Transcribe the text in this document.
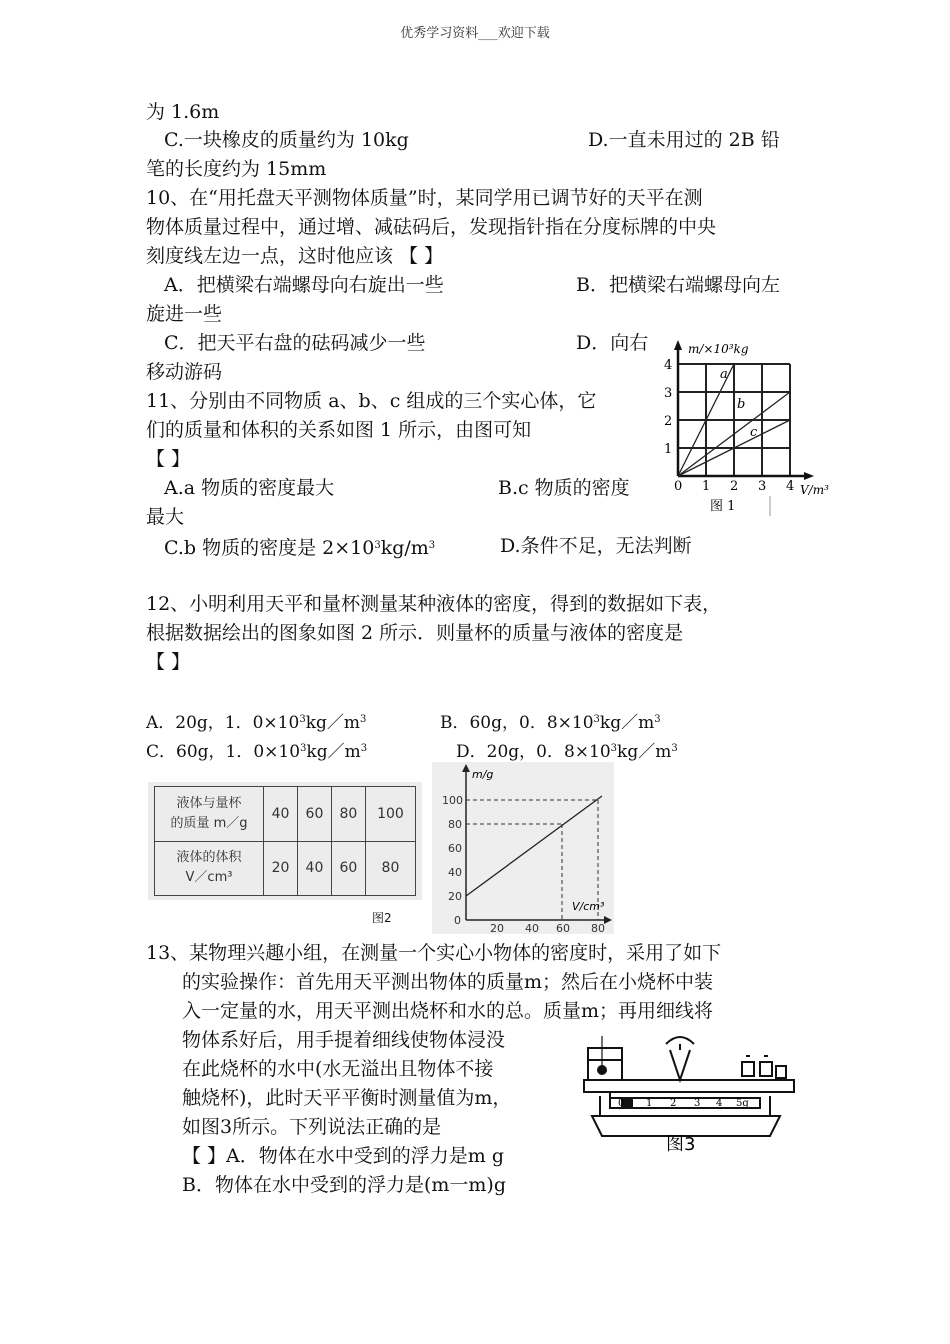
优秀学习资料___欢迎下载
为 1.6m
C.一块橡皮的质量约为 10kg	D.一直未用过的 2B 铅
笔的长度约为 15mm
10、在“用托盘天平测物体质量”时，某同学用已调节好的天平在测
物体质量过程中，通过增、减砝码后，发现指针指在分度标牌的中央
刻度线左边一点，这时他应该 【 】
A．把横梁右端螺母向右旋出一些	B．把横梁右端螺母向左
旋进一些
C．把天平右盘的砝码减少一些	D．向右
移动游码
11、分别由不同物质 a、b、c 组成的三个实心体，它
们的质量和体积的关系如图 1 所示，由图可知
【 】
A.a 物质的密度最大	B.c 物质的密度
最大
C.b 物质的密度是 $2\times 10^3kg/m^3$	D.条件不足，无法判断
m/×10³kg
4
3
2
1
0 1 2 3 4
a
b
c
V/m³
图 1
12、小明利用天平和量杯测量某种液体的密度，得到的数据如下表，
根据数据绘出的图象如图 2 所示．则量杯的质量与液体的密度是
【 】
A．20g，1．$0\times 10^3kg/m^3$	B．60g，0．$8\times 10^3kg/m^3$
C．60g，1．$0\times 10^3kg/m^3$	D．20g，0．$8\times 10^3kg/m^3$
液体与量杯
的质量 m／g	40	60	80	100
液体的体积
V／cm³	20	40	60	80
图2
m/g
100
80
60
40
20
0
20 40 60 80
V/cm³
13、某物理兴趣小组，在测量一个实心小物体的密度时，采用了如下
的实验操作：首先用天平测出物体的质量m；然后在小烧杯中装
入一定量的水，用天平测出烧杯和水的总。质量m；再用细线将
物体系好后，用手提着细线使物体浸没
在此烧杯的水中(水无溢出且物体不接
触烧杯)，此时天平平衡时测量值为m，
如图3所示。下列说法正确的是
【 】A．物体在水中受到的浮力是m g
B．物体在水中受到的浮力是(m一m)g
0 1 2 3 4 5g
图3
